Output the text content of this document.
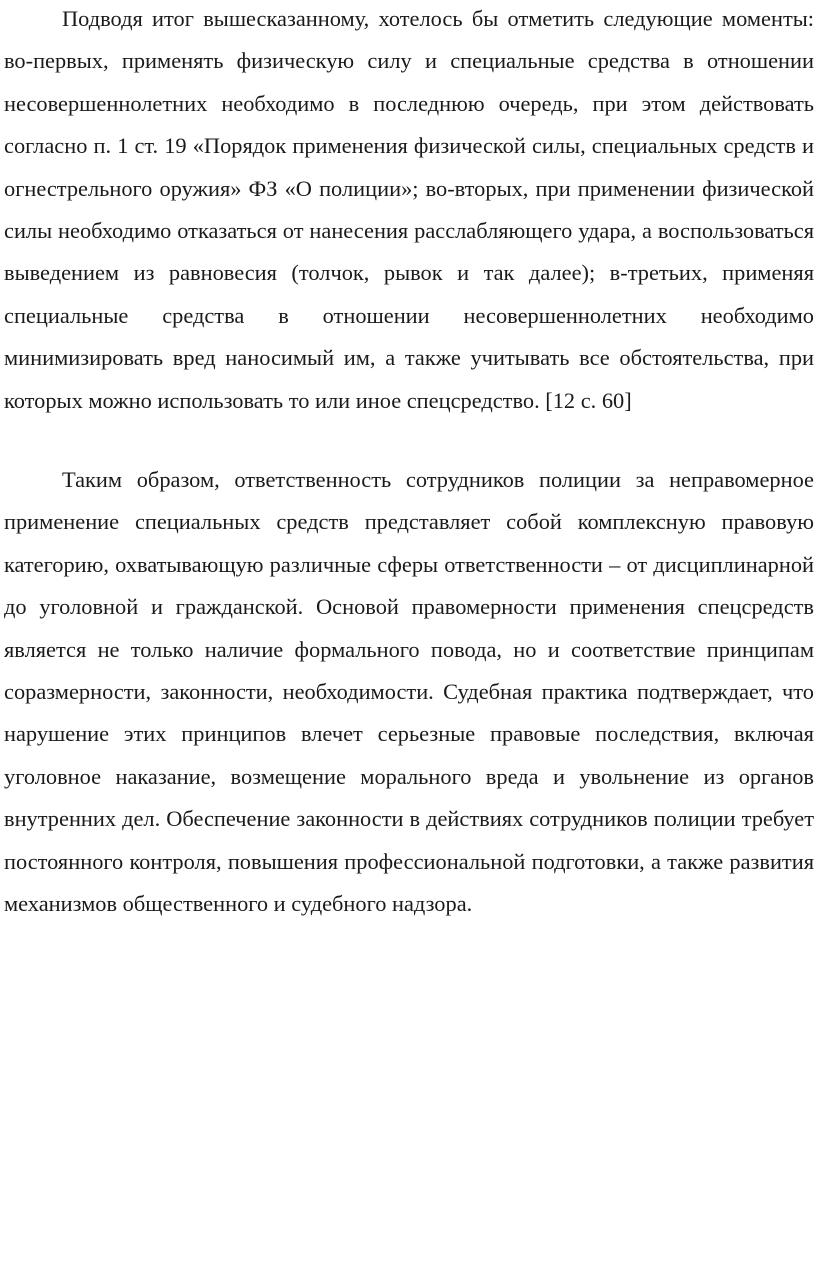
Подводя итог вышесказанному, хотелось бы отметить следующие моменты: во-первых, применять физическую силу и специальные средства в отношении несовершеннолетних необходимо в последнюю очередь, при этом действовать согласно п. 1 ст. 19 «Порядок применения физической силы, специальных средств и огнестрельного оружия» ФЗ «О полиции»; во-вторых, при применении физической силы необходимо отказаться от нанесения расслабляющего удара, а воспользоваться выведением из равновесия (толчок, рывок и так далее); в-третьих, применяя специальные средства в отношении несовершеннолетних необходимо минимизировать вред наносимый им, а также учитывать все обстоятельства, при которых можно использовать то или иное спецсредство. [12 с. 60]

Таким образом, ответственность сотрудников полиции за неправомерное применение специальных средств представляет собой комплексную правовую категорию, охватывающую различные сферы ответственности – от дисциплинарной до уголовной и гражданской. Основой правомерности применения спецсредств является не только наличие формального повода, но и соответствие принципам соразмерности, законности, необходимости. Судебная практика подтверждает, что нарушение этих принципов влечет серьезные правовые последствия, включая уголовное наказание, возмещение морального вреда и увольнение из органов внутренних дел. Обеспечение законности в действиях сотрудников полиции требует постоянного контроля, повышения профессиональной подготовки, а также развития механизмов общественного и судебного надзора.
